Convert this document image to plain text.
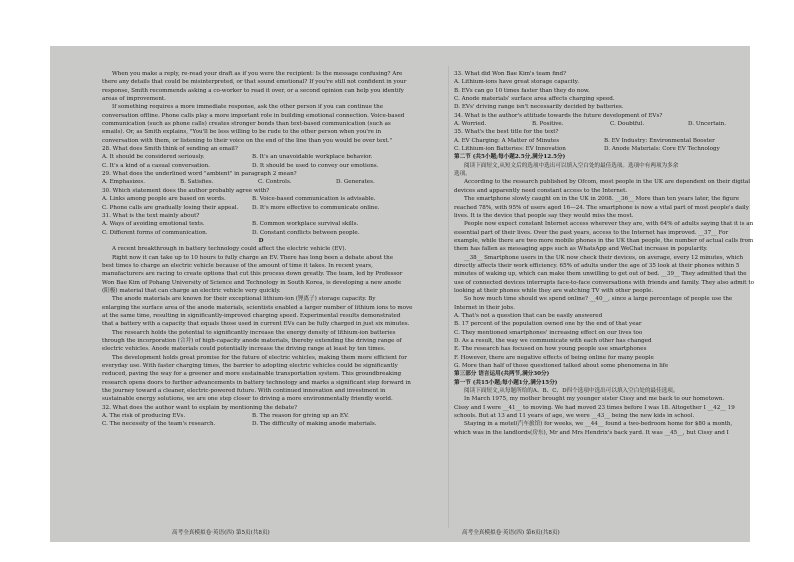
When you make a reply, re-read your draft as if you were the recipient: Is the message confusing? Are
there any details that could be misinterpreted, or that sound emotional? If you're still not confident in your
response, Smith recommends asking a co-worker to read it over, or a second opinion can help you identify
areas of improvement.
If something requires a more immediate response, ask the other person if you can continue the
conversation offline. Phone calls play a more important role in building emotional connection. Voice-based
communication (such as phone calls) creates stronger bonds than text-based communication (such as
emails). Or, as Smith explains, "You'll be less willing to be rude to the other person when you're in
conversation with them, or listening to their voice on the end of the line than you would be over text."
28. What does Smith think of sending an email?
A. It should be considered seriously.	B. It's an unavoidable workplace behavior.
C. It's a kind of a casual conversation.	D. It should be used to convey our emotions.
29. What does the underlined word "ambient" in paragraph 2 mean?
A. Emphasizes.	B. Satisfies.	C. Controls.	D. Generates.
30. Which statement does the author probably agree with?
A. Links among people are based on words.	B. Voice-based communication is advisable.
C. Phone calls are gradually losing their appeal.	D. It's more effective to communicate online.
31. What is the text mainly about?
A. Ways of avoiding emotional texts.	B. Common workplace survival skills.
C. Different forms of communication.	D. Constant conflicts between people.
D
A recent breakthrough in battery technology could affect the electric vehicle (EV).
Right now it can take up to 10 hours to fully charge an EV. There has long been a debate about the
best times to charge an electric vehicle because of the amount of time it takes. In recent years,
manufacturers are racing to create options that cut this process down greatly. The team, led by Professor
Won Bae Kim of Pohang University of Science and Technology in South Korea, is developing a new anode
(阳极) material that can charge an electric vehicle very quickly.
The anode materials are known for their exceptional lithium-ion (锂离子) storage capacity. By
enlarging the surface area of the anode materials, scientists enabled a larger number of lithium ions to move
at the same time, resulting in significantly-improved charging speed. Experimental results demonstrated
that a battery with a capacity that equals those used in current EVs can be fully charged in just six minutes.
The research holds the potential to significantly increase the energy density of lithium-ion batteries
through the incorporation (合并) of high-capacity anode materials, thereby extending the driving range of
electric vehicles. Anode materials could potentially increase the driving range at least by ten times.
The development holds great promise for the future of electric vehicles, making them more efficient for
everyday use. With faster charging times, the barrier to adopting electric vehicles could be significantly
reduced, paving the way for a greener and more sustainable transportation system. This groundbreaking
research opens doors to further advancements in battery technology and marks a significant step forward in
the journey toward a cleaner, electric-powered future. With continued innovation and investment in
sustainable energy solutions, we are one step closer to driving a more environmentally friendly world.
32. What does the author want to explain by mentioning the debate?
A. The risk of producing EVs.	B. The reason for giving up an EV.
C. The necessity of the team's research.	D. The difficulty of making anode materials.
33. What did Won Bae Kim's team find?
A. Lithium-ions have great storage capacity.
B. EVs can go 10 times faster than they do now.
C. Anode materials' surface area affects charging speed.
D. EVs' driving range isn't necessarily decided by batteries.
34. What is the author's attitude towards the future development of EVs?
A. Worried.	B. Positive.	C. Doubtful.	D. Uncertain.
35. What's the best title for the text?
A. EV Charging: A Matter of Minutes	B. EV Industry: Environmental Booster
C. Lithium-ion Batteries: EV Innovation	D. Anode Materials: Core EV Technology
第二节 (共5小题;每小题2.5分,满分12.5分)
阅读下面短文,从短文后的选项中选出可以填入空白处的最佳选项。选项中有两项为多余
选项。
According to the research published by Ofcom, most people in the UK are dependent on their digital
devices and apparently need constant access to the Internet.
The smartphone slowly caught on in the UK in 2008. __36__ More than ten years later, the figure
reached 78%, with 95% of users aged 16—24. The smartphone is now a vital part of most people's daily
lives. It is the device that people say they would miss the most.
People now expect constant Internet access wherever they are, with 64% of adults saying that it is an
essential part of their lives. Over the past years, access to the Internet has improved. __37__ For
example, while there are two more mobile phones in the UK than people, the number of actual calls from
them has fallen as messaging apps such as WhatsApp and WeChat increase in popularity.
__38__ Smartphone users in the UK now check their devices, on average, every 12 minutes, which
directly affects their work efficiency. 65% of adults under the age of 35 look at their phones within 5
minutes of waking up, which can make them unwilling to get out of bed. __39__ They admitted that the
use of connected devices interrupts face-to-face conversations with friends and family. They also admit to
looking at their phones while they are watching TV with other people.
So how much time should we spend online? __40__, since a large percentage of people use the
Internet in their jobs.
A. That's not a question that can be easily answered
B. 17 percent of the population owned one by the end of that year
C. They mentioned smartphones' increasing effect on our lives too
D. As a result, the way we communicate with each other has changed
E. The research has focused on how young people use smartphones
F. However, there are negative effects of being online for many people
G. More than half of those questioned talked about some phenomena in life
第三部分 语言运用(共两节,满分30分)
第一节 (共15小题;每小题1分,满分15分)
阅读下面短文,从每题所给的A、B、C、D四个选项中选出可以填入空白处的最佳选项。
In March 1975, my mother brought my younger sister Cissy and me back to our hometown.
Cissy and I were __41__ to moving. We had moved 23 times before I was 18. Altogether I __42__ 19
schools. But at 13 and 11 years of age, we were __43__ being the new kids in school.
Staying in a motel(汽车旅馆) for weeks, we __44__ found a two-bedroom home for $80 a month,
which was in the landlords(房东), Mr and Mrs Hendrix's back yard. It was __45__, but Cissy and I
高考全真模拟卷·英语(四) 第5页(共8页)	高考全真模拟卷·英语(四) 第6页(共8页)
